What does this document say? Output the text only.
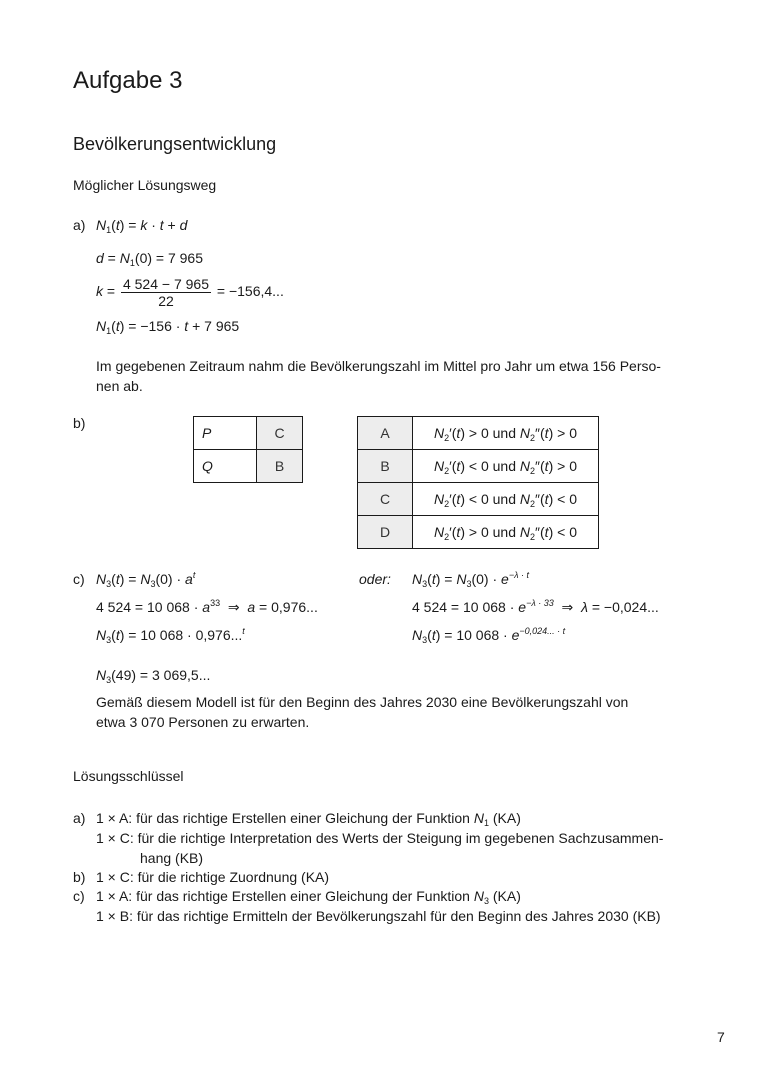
Aufgabe 3
Bevölkerungsentwicklung
Möglicher Lösungsweg
a) $N_1(t) = k \cdot t + d$
$d = N_1(0) = 7$ 965
$k = \frac{4 524 - 7 965}{22} = -156,4$...
$N_1(t) = -156 \cdot t + 7$ 965
Im gegebenen Zeitraum nahm die Bevölkerungszahl im Mittel pro Jahr um etwa 156 Perso-
nen ab.
b)
P	C
Q	B
A	$N_2'(t) > 0$ und $N_2''(t) > 0$
B	$N_2'(t) < 0$ und $N_2''(t) > 0$
C	$N_2'(t) < 0$ und $N_2''(t) < 0$
D	$N_2'(t) > 0$ und $N_2''(t) < 0$
c) $N_3(t) = N_3(0) \cdot a^t$
4 524 = 10 $068 \cdot a^{33}$  ⇒  a = 0,976...
$N_3(t) = 10$ 068 · 0,976...$^t$
oder: $N_3(t) = N_3(0) \cdot e^{-\lambda \cdot t}$
4 524 = 10 $068 \cdot e^{-\lambda \cdot 33}$  ⇒  λ = −0,024...
$N_3(t) = 10$ $068 \cdot e^{-0,024... \cdot t}$
$N_3(49) = 3$ 069,5...
Gemäß diesem Modell ist für den Beginn des Jahres 2030 eine Bevölkerungszahl von
etwa 3 070 Personen zu erwarten.
Lösungsschlüssel
a) 1 × A: für das richtige Erstellen einer Gleichung der Funktion $N_1$ (KA)
1 × C: für die richtige Interpretation des Werts der Steigung im gegebenen Sachzusammen-
hang (KB)
b) 1 × C: für die richtige Zuordnung (KA)
c) 1 × A: für das richtige Erstellen einer Gleichung der Funktion $N_3$ (KA)
1 × B: für das richtige Ermitteln der Bevölkerungszahl für den Beginn des Jahres 2030 (KB)
7
